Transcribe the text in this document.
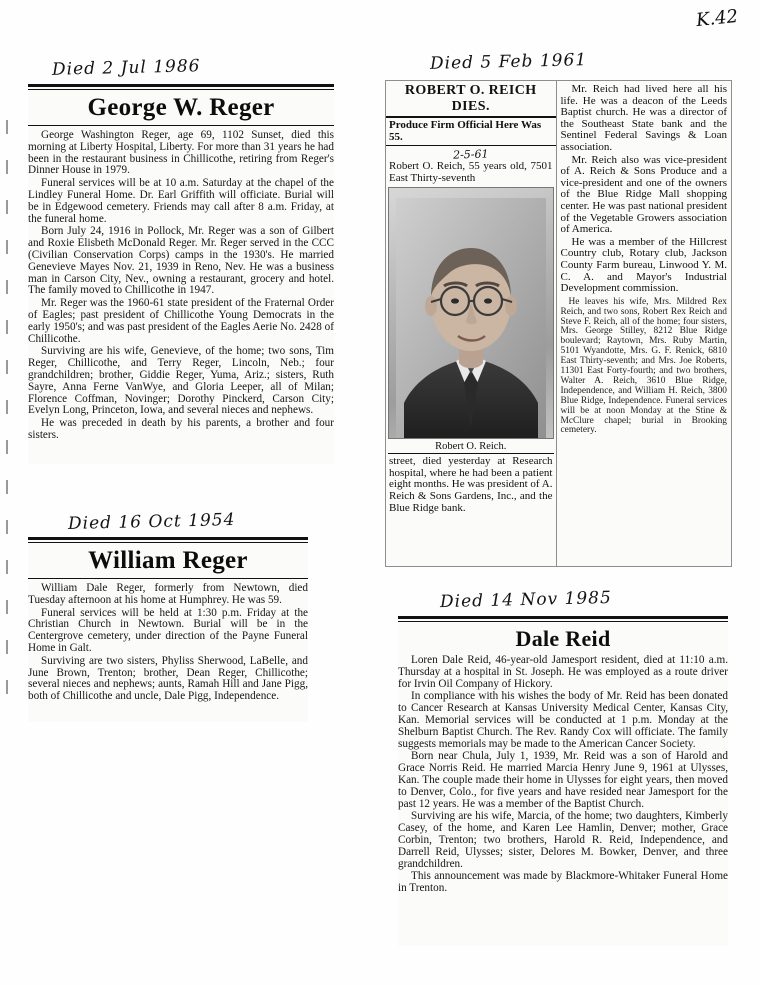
K.42
Died 2 Jul 1986
George W. Reger

George Washington Reger, age 69, 1102 Sunset, died this morning at Liberty Hospital, Liberty. For more than 31 years he had been in the restaurant business in Chillicothe, retiring from Reger's Dinner House in 1979.

Funeral services will be at 10 a.m. Saturday at the chapel of the Lindley Funeral Home. Dr. Earl Griffith will officiate. Burial will be in Edgewood cemetery. Friends may call after 8 a.m. Friday, at the funeral home.

Born July 24, 1916 in Pollock, Mr. Reger was a son of Gilbert and Roxie Elisbeth McDonald Reger. Mr. Reger served in the CCC (Civilian Conservation Corps) camps in the 1930's. He married Genevieve Mayes Nov. 21, 1939 in Reno, Nev. He was a business man in Carson City, Nev., owning a restaurant, grocery and hotel. The family moved to Chillicothe in 1947.

Mr. Reger was the 1960-61 state president of the Fraternal Order of Eagles; past president of Chillicothe Young Democrats in the early 1950's; and was past president of the Eagles Aerie No. 2428 of Chillicothe.

Surviving are his wife, Genevieve, of the home; two sons, Tim Reger, Chillicothe, and Terry Reger, Lincoln, Neb.; four grandchildren; brother, Giddie Reger, Yuma, Ariz.; sisters, Ruth Sayre, Anna Ferne VanWye, and Gloria Leeper, all of Milan; Florence Coffman, Novinger; Dorothy Pinckerd, Carson City; Evelyn Long, Princeton, Iowa, and several nieces and nephews.

He was preceded in death by his parents, a brother and four sisters.

Died 16 Oct 1954
William Reger

William Dale Reger, formerly from Newtown, died Tuesday afternoon at his home at Humphrey. He was 59.

Funeral services will be held at 1:30 p.m. Friday at the Christian Church in Newtown. Burial will be in the Centergrove cemetery, under direction of the Payne Funeral Home in Galt.

Surviving are two sisters, Phyliss Sherwood, LaBelle, and June Brown, Trenton; brother, Dean Reger, Chillicothe; several nieces and nephews; aunts, Ramah Hill and Jane Pigg, both of Chillicothe and uncle, Dale Pigg, Independence.

Died 5 Feb 1961
ROBERT O. REICH DIES.
Produce Firm Official Here Was 55.
2-5-61
Robert O. Reich, 55 years old, 7501 East Thirty-seventh
Robert O. Reich.
street, died yesterday at Research hospital, where he had been a patient eight months. He was president of A. Reich & Sons Gardens, Inc., and the Blue Ridge bank.

Mr. Reich had lived here all his life. He was a deacon of the Leeds Baptist church. He was a director of the Southeast State bank and the Sentinel Federal Savings & Loan association.

Mr. Reich also was vice-president of A. Reich & Sons Produce and a vice-president and one of the owners of the Blue Ridge Mall shopping center. He was past national president of the Vegetable Growers association of America.

He was a member of the Hillcrest Country club, Rotary club, Jackson County Farm bureau, Linwood Y. M. C. A. and Mayor's Industrial Development commission.

He leaves his wife, Mrs. Mildred Rex Reich, and two sons, Robert Rex Reich and Steve F. Reich, all of the home; four sisters, Mrs. George Stilley, 8212 Blue Ridge boulevard; Raytown, Mrs. Ruby Martin, 5101 Wyandotte, Mrs. G. F. Renick, 6810 East Thirty-seventh; and Mrs. Joe Roberts, 11301 East Forty-fourth; and two brothers, Walter A. Reich, 3610 Blue Ridge, Independence, and William H. Reich, 3800 Blue Ridge, Independence. Funeral services will be at noon Monday at the Stine & McClure chapel; burial in Brooking cemetery.

Died 14 Nov 1985
Dale Reid

Loren Dale Reid, 46-year-old Jamesport resident, died at 11:10 a.m. Thursday at a hospital in St. Joseph. He was employed as a route driver for Irvin Oil Company of Hickory.

In compliance with his wishes the body of Mr. Reid has been donated to Cancer Research at Kansas University Medical Center, Kansas City, Kan. Memorial services will be conducted at 1 p.m. Monday at the Shelburn Baptist Church. The Rev. Randy Cox will officiate. The family suggests memorials may be made to the American Cancer Society.

Born near Chula, July 1, 1939, Mr. Reid was a son of Harold and Grace Norris Reid. He married Marcia Henry June 9, 1961 at Ulysses, Kan. The couple made their home in Ulysses for eight years, then moved to Denver, Colo., for five years and have resided near Jamesport for the past 12 years. He was a member of the Baptist Church.

Surviving are his wife, Marcia, of the home; two daughters, Kimberly Casey, of the home, and Karen Lee Hamlin, Denver; mother, Grace Corbin, Trenton; two brothers, Harold R. Reid, Independence, and Darrell Reid, Ulysses; sister, Delores M. Bowker, Denver, and three grandchildren.

This announcement was made by Blackmore-Whitaker Funeral Home in Trenton.
